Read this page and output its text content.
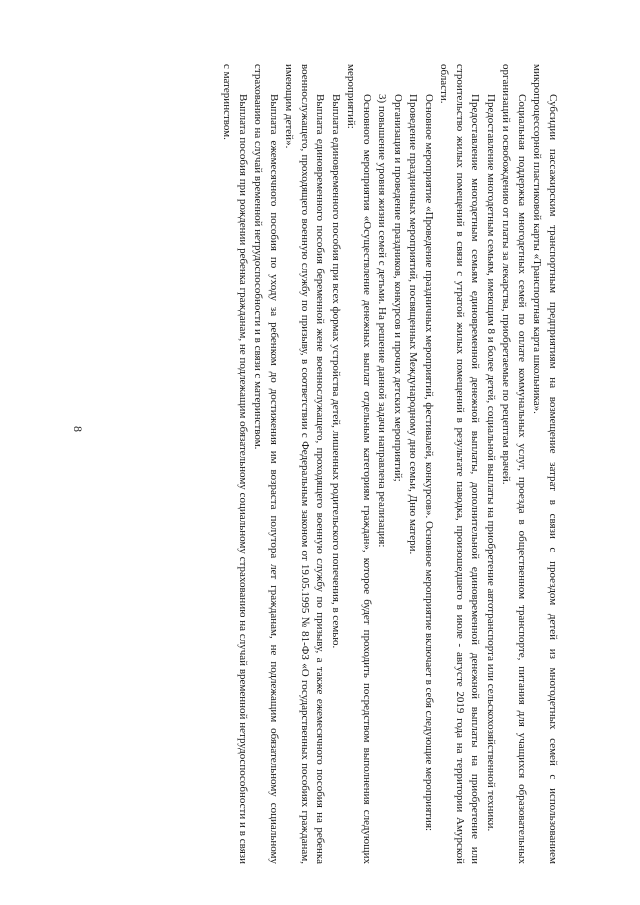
8	Субсидии пассажирским транспортным предприятиям на возмещение затрат в связи с проездом детей из многодетных семей с использованием микропроцессорной пластиковой карты «Транспортная карта школьника».

Социальная поддержка многодетных семей по оплате коммунальных услуг, проезда в общественном транспорте, питания для учащихся образовательных организаций и освобождению от платы за лекарства, приобретаемые по рецептам врачей.

Предоставление многодетным семьям, имеющим 8 и более детей, социальной выплаты на приобретение автотранспорта или сельскохозяйственной техники.

Предоставление многодетным семьям единовременной денежной выплаты, дополнительной единовременной денежной выплаты на приобретение или строительство жилых помещений в связи с утратой жилых помещений в результате паводка, произошедшего в июле - августе 2019 года на территории Амурской области.

Основное мероприятие «Проведение праздничных мероприятий, фестивалей, конкурсов». Основное мероприятие включает в себя следующие мероприятия:

Проведение праздничных мероприятий, посвященных Международному дню семьи, Дню матери.

Организация и проведение праздников, конкурсов и прочих детских мероприятий;

3) повышение уровня жизни семей с детьми. На решение данной задачи направлена реализация:

Основного мероприятия «Осуществление денежных выплат отдельным категориям граждан», которое будет проходить посредством выполнения следующих мероприятий:

Выплата единовременного пособия при всех формах устройства детей, лишенных родительского попечения, в семью.

Выплата единовременного пособия беременной жене военнослужащего, проходящего военную службу по призыву, а также ежемесячного пособия на ребенка военнослужащего, проходящего военную службу по призыву, в соответствии с Федеральным законом от 19.05.1995 № 81-ФЗ «О государственных пособиях гражданам, имеющим детей».

Выплата ежемесячного пособия по уходу за ребенком до достижения им возраста полутора лет гражданам, не подлежащим обязательному социальному страхованию на случай временной нетрудоспособности и в связи с материнством.

Выплата пособия при рождении ребенка гражданам, не подлежащим обязательному социальному страхованию на случай временной нетрудоспособности и в связи с материнством.
